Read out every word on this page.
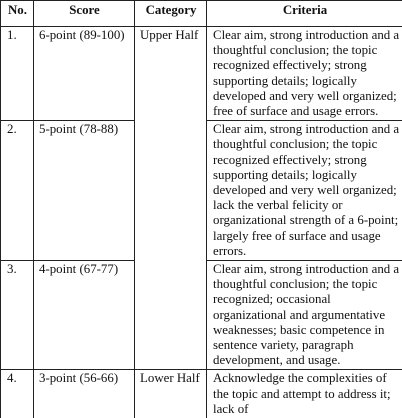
No.	Score	Category	Criteria
1.	6-point (89-100)	Upper Half	Clear aim, strong introduction and a thoughtful conclusion; the topic recognized effectively; strong supporting details; logically developed and very well organized; free of surface and usage errors.
2.	5-point (78-88)		Clear aim, strong introduction and a thoughtful conclusion; the topic recognized effectively; strong supporting details; logically developed and very well organized; lack the verbal felicity or organizational strength of a 6-point; largely free of surface and usage errors.
3.	4-point (67-77)		Clear aim, strong introduction and a thoughtful conclusion; the topic recognized; occasional organizational and argumentative weaknesses; basic competence in sentence variety, paragraph development, and usage.
4.	3-point (56-66)	Lower Half	Acknowledge the complexities of the topic and attempt to address it; lack of
